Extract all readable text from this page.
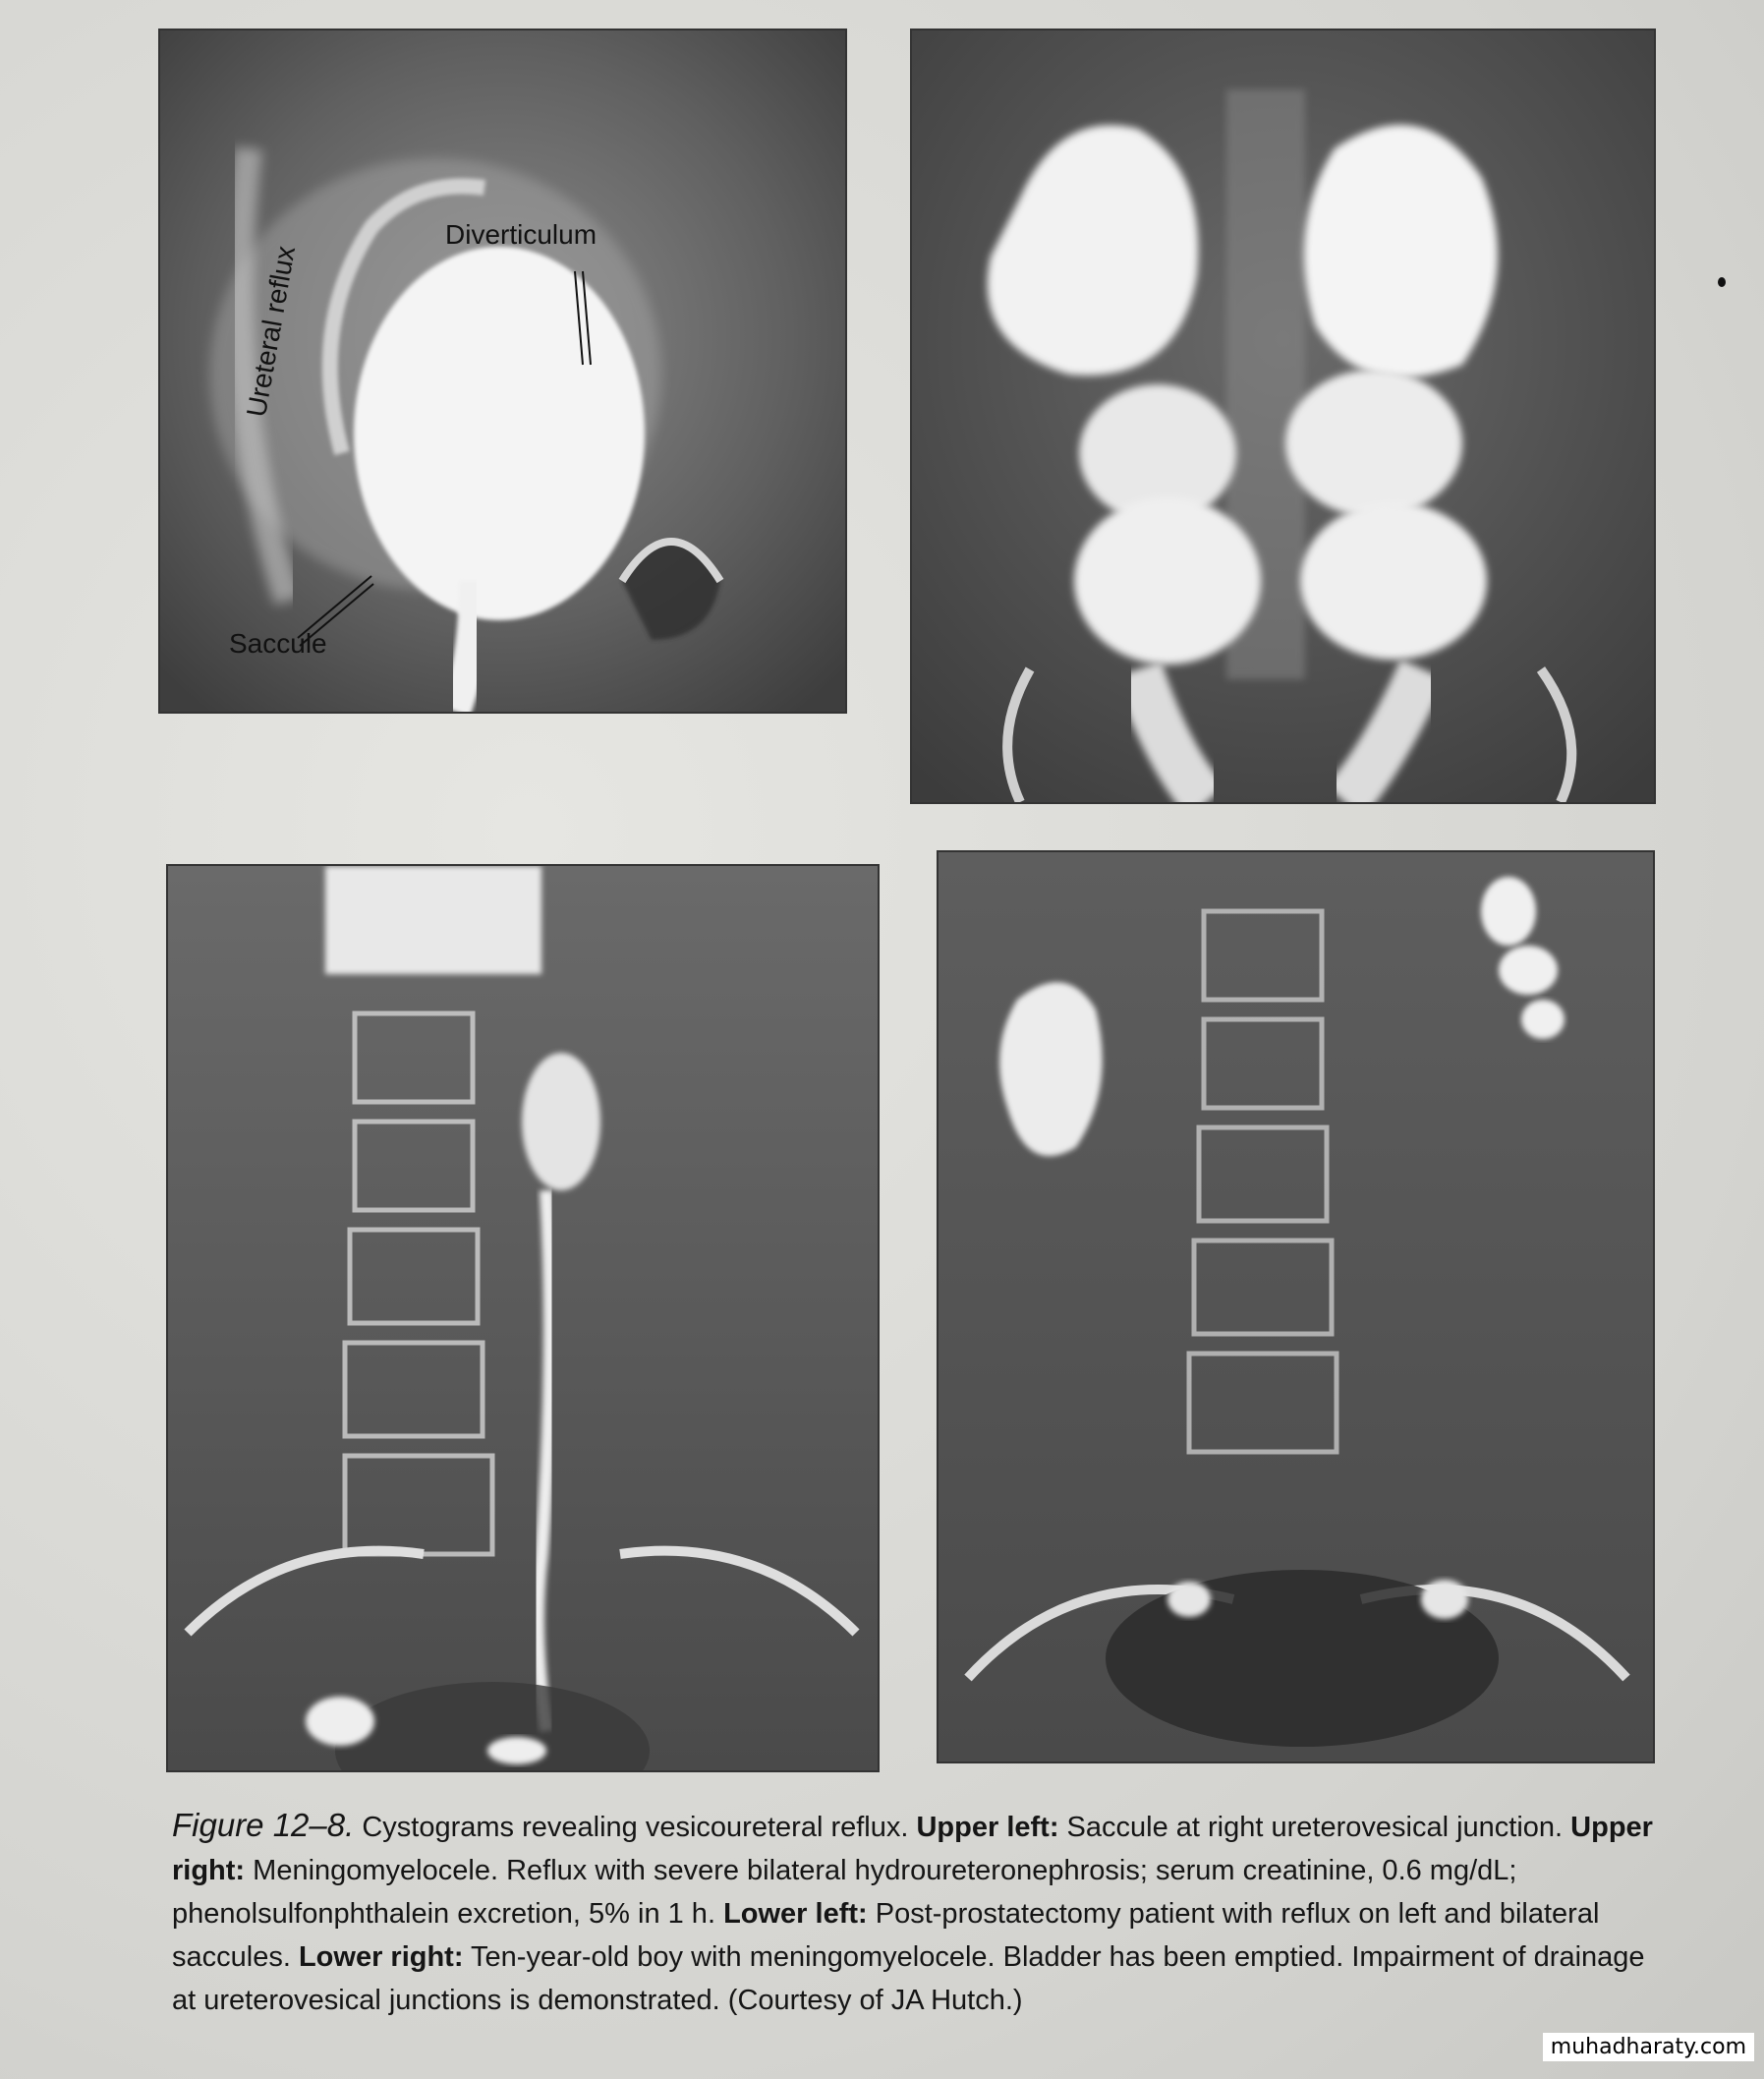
Diverticulum
Ureteral reflux
Saccule
Figure 12–8. Cystograms revealing vesicoureteral reflux. Upper left: Saccule at right ureterovesical junction. Upper right: Meningomyelocele. Reflux with severe bilateral hydroureteronephrosis; serum creatinine, 0.6 mg/dL; phenolsulfonphthalein excretion, 5% in 1 h. Lower left: Post-prostatectomy patient with reflux on left and bilateral saccules. Lower right: Ten-year-old boy with meningomyelocele. Bladder has been emptied. Impairment of drainage at ureterovesical junctions is demonstrated. (Courtesy of JA Hutch.)
muhadharaty.com
